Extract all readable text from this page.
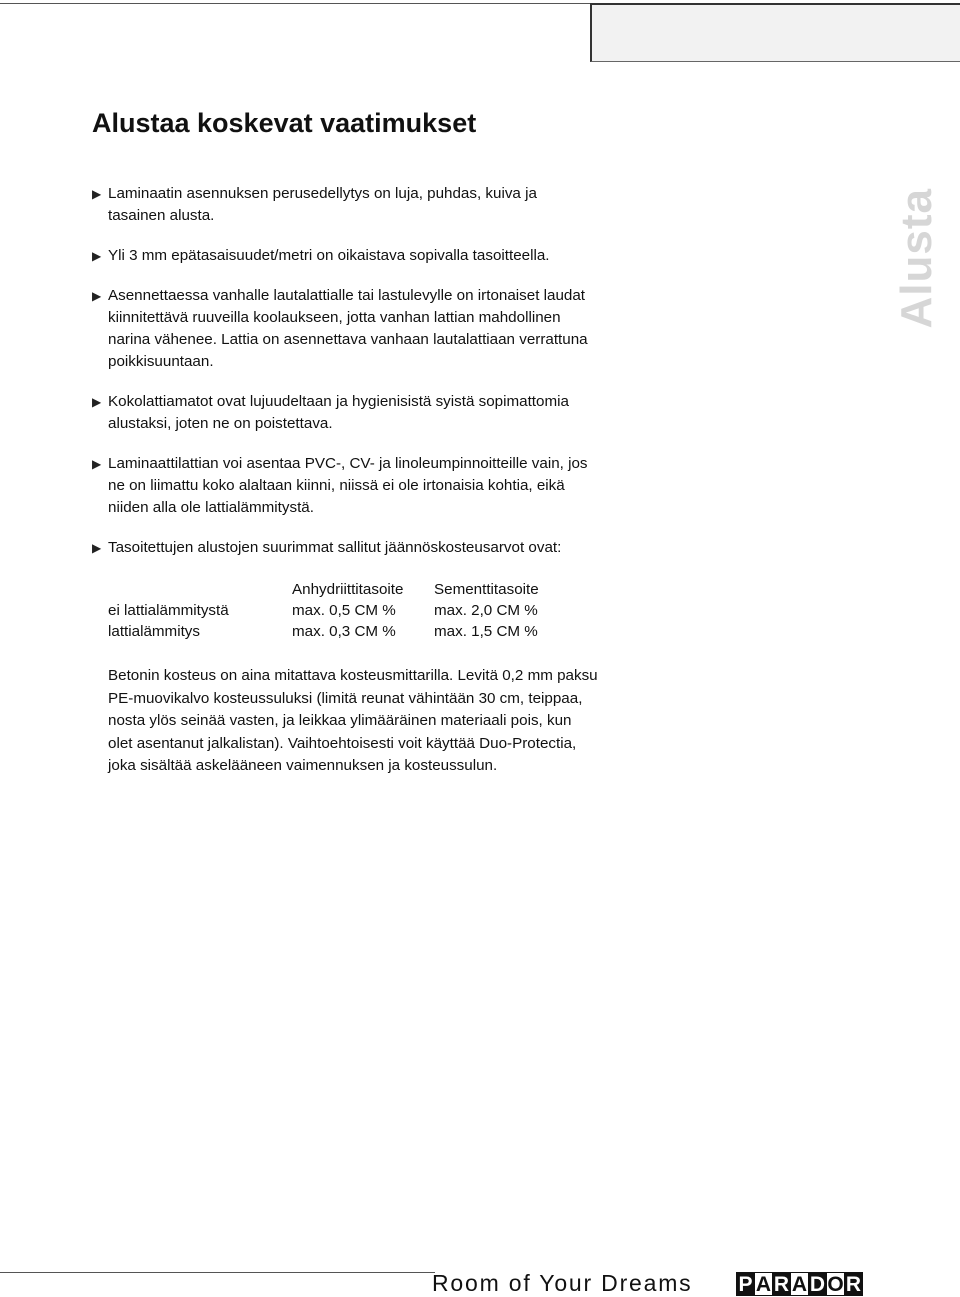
Alustaa koskevat vaatimukset
Alusta
▶ Laminaatin asennuksen perusedellytys on luja, puhdas, kuiva ja tasainen alusta.
▶ Yli 3 mm epätasaisuudet/metri on oikaistava sopivalla tasoitteella.
▶ Asennettaessa vanhalle lautalattialle tai lastulevylle on irtonaiset laudat kiinnitettävä ruuveilla koolaukseen, jotta vanhan lattian mahdollinen narina vähenee. Lattia on asennettava vanhaan lautalattiaan verrattuna poikkisuuntaan.
▶ Kokolattiamatot ovat lujuudeltaan ja hygienisistä syistä sopimattomia alustaksi, joten ne on poistettava.
▶ Laminaattilattian voi asentaa PVC-, CV- ja linoleumpinnoitteille vain, jos ne on liimattu koko alaltaan kiinni, niissä ei ole irtonaisia kohtia, eikä niiden alla ole lattialämmitystä.
▶ Tasoitettujen alustojen suurimmat sallitut jäännöskosteusarvot ovat:
	Anhydriittitasoite	Sementtitasoite
ei lattialämmitystä	max. 0,5 CM %	max. 2,0 CM %
lattialämmitys	max. 0,3 CM %	max. 1,5 CM %

Betonin kosteus on aina mitattava kosteusmittarilla. Levitä 0,2 mm paksu PE-muovikalvo kosteussuluksi (limitä reunat vähintään 30 cm, teippaa, nosta ylös seinää vasten, ja leikkaa ylimääräinen materiaali pois, kun olet asentanut jalkalistan). Vaihtoehtoisesti voit käyttää Duo-Protectia, joka sisältää askelääneen vaimennuksen ja kosteussulun.

Room of Your Dreams P A R A D O R
